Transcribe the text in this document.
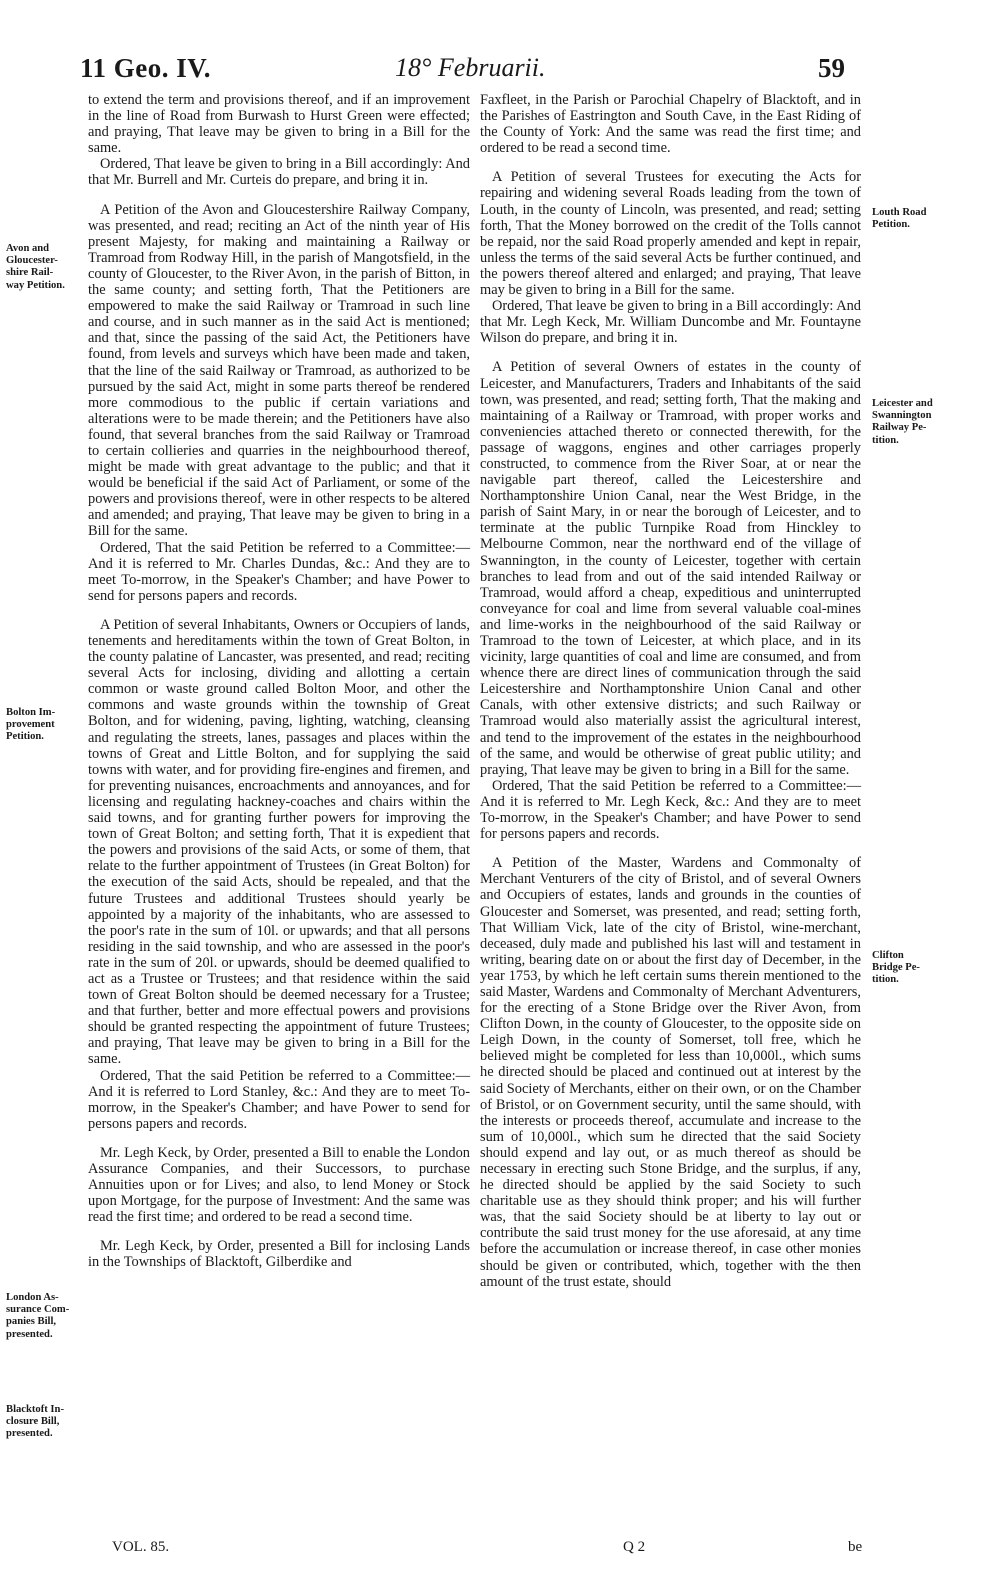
11 Geo. IV.	18° Februarii.	59

to extend the term and provisions thereof, and if an improvement in the line of Road from Burwash to Hurst Green were effected; and praying, That leave may be given to bring in a Bill for the same.

Ordered, That leave be given to bring in a Bill accordingly: And that Mr. Burrell and Mr. Curteis do prepare, and bring it in.

A Petition of the Avon and Gloucestershire Railway Company, was presented, and read; reciting an Act of the ninth year of His present Majesty, for making and maintaining a Railway or Tramroad from Rodway Hill, in the parish of Mangotsfield, in the county of Gloucester, to the River Avon, in the parish of Bitton, in the same county; and setting forth, That the Petitioners are empowered to make the said Railway or Tramroad in such line and course, and in such manner as in the said Act is mentioned; and that, since the passing of the said Act, the Petitioners have found, from levels and surveys which have been made and taken, that the line of the said Railway or Tramroad, as authorized to be pursued by the said Act, might in some parts thereof be rendered more commodious to the public if certain variations and alterations were to be made therein; and the Petitioners have also found, that several branches from the said Railway or Tramroad to certain collieries and quarries in the neighbourhood thereof, might be made with great advantage to the public; and that it would be beneficial if the said Act of Parliament, or some of the powers and provisions thereof, were in other respects to be altered and amended; and praying, That leave may be given to bring in a Bill for the same.

Ordered, That the said Petition be referred to a Committee:—And it is referred to Mr. Charles Dundas, &c.: And they are to meet To-morrow, in the Speaker's Chamber; and have Power to send for persons papers and records.

A Petition of several Inhabitants, Owners or Occupiers of lands, tenements and hereditaments within the town of Great Bolton, in the county palatine of Lancaster, was presented, and read; reciting several Acts for inclosing, dividing and allotting a certain common or waste ground called Bolton Moor, and other the commons and waste grounds within the township of Great Bolton, and for widening, paving, lighting, watching, cleansing and regulating the streets, lanes, passages and places within the towns of Great and Little Bolton, and for supplying the said towns with water, and for providing fire-engines and firemen, and for preventing nuisances, encroachments and annoyances, and for licensing and regulating hackney-coaches and chairs within the said towns, and for granting further powers for improving the town of Great Bolton; and setting forth, That it is expedient that the powers and provisions of the said Acts, or some of them, that relate to the further appointment of Trustees (in Great Bolton) for the execution of the said Acts, should be repealed, and that the future Trustees and additional Trustees should yearly be appointed by a majority of the inhabitants, who are assessed to the poor's rate in the sum of 10l. or upwards; and that all persons residing in the said township, and who are assessed in the poor's rate in the sum of 20l. or upwards, should be deemed qualified to act as a Trustee or Trustees; and that residence within the said town of Great Bolton should be deemed necessary for a Trustee; and that further, better and more effectual powers and provisions should be granted respecting the appointment of future Trustees; and praying, That leave may be given to bring in a Bill for the same.

Ordered, That the said Petition be referred to a Committee:—And it is referred to Lord Stanley, &c.: And they are to meet To-morrow, in the Speaker's Chamber; and have Power to send for persons papers and records.

Mr. Legh Keck, by Order, presented a Bill to enable the London Assurance Companies, and their Successors, to purchase Annuities upon or for Lives; and also, to lend Money or Stock upon Mortgage, for the purpose of Investment: And the same was read the first time; and ordered to be read a second time.

Mr. Legh Keck, by Order, presented a Bill for inclosing Lands in the Townships of Blacktoft, Gilberdike and

Faxfleet, in the Parish or Parochial Chapelry of Blacktoft, and in the Parishes of Eastrington and South Cave, in the East Riding of the County of York: And the same was read the first time; and ordered to be read a second time.

A Petition of several Trustees for executing the Acts for repairing and widening several Roads leading from the town of Louth, in the county of Lincoln, was presented, and read; setting forth, That the Money borrowed on the credit of the Tolls cannot be repaid, nor the said Road properly amended and kept in repair, unless the terms of the said several Acts be further continued, and the powers thereof altered and enlarged; and praying, That leave may be given to bring in a Bill for the same.

Ordered, That leave be given to bring in a Bill accordingly: And that Mr. Legh Keck, Mr. William Duncombe and Mr. Fountayne Wilson do prepare, and bring it in.

A Petition of several Owners of estates in the county of Leicester, and Manufacturers, Traders and Inhabitants of the said town, was presented, and read; setting forth, That the making and maintaining of a Railway or Tramroad, with proper works and conveniencies attached thereto or connected therewith, for the passage of waggons, engines and other carriages properly constructed, to commence from the River Soar, at or near the navigable part thereof, called the Leicestershire and Northamptonshire Union Canal, near the West Bridge, in the parish of Saint Mary, in or near the borough of Leicester, and to terminate at the public Turnpike Road from Hinckley to Melbourne Common, near the northward end of the village of Swannington, in the county of Leicester, together with certain branches to lead from and out of the said intended Railway or Tramroad, would afford a cheap, expeditious and uninterrupted conveyance for coal and lime from several valuable coal-mines and lime-works in the neighbourhood of the said Railway or Tramroad to the town of Leicester, at which place, and in its vicinity, large quantities of coal and lime are consumed, and from whence there are direct lines of communication through the said Leicestershire and Northamptonshire Union Canal and other Canals, with other extensive districts; and such Railway or Tramroad would also materially assist the agricultural interest, and tend to the improvement of the estates in the neighbourhood of the same, and would be otherwise of great public utility; and praying, That leave may be given to bring in a Bill for the same.

Ordered, That the said Petition be referred to a Committee:—And it is referred to Mr. Legh Keck, &c.: And they are to meet To-morrow, in the Speaker's Chamber; and have Power to send for persons papers and records.

A Petition of the Master, Wardens and Commonalty of Merchant Venturers of the city of Bristol, and of several Owners and Occupiers of estates, lands and grounds in the counties of Gloucester and Somerset, was presented, and read; setting forth, That William Vick, late of the city of Bristol, wine-merchant, deceased, duly made and published his last will and testament in writing, bearing date on or about the first day of December, in the year 1753, by which he left certain sums therein mentioned to the said Master, Wardens and Commonalty of Merchant Adventurers, for the erecting of a Stone Bridge over the River Avon, from Clifton Down, in the county of Gloucester, to the opposite side on Leigh Down, in the county of Somerset, toll free, which he believed might be completed for less than 10,000l., which sums he directed should be placed and continued out at interest by the said Society of Merchants, either on their own, or on the Chamber of Bristol, or on Government security, until the same should, with the interests or proceeds thereof, accumulate and increase to the sum of 10,000l., which sum he directed that the said Society should expend and lay out, or as much thereof as should be necessary in erecting such Stone Bridge, and the surplus, if any, he directed should be applied by the said Society to such charitable use as they should think proper; and his will further was, that the said Society should be at liberty to lay out or contribute the said trust money for the use aforesaid, at any time before the accumulation or increase thereof, in case other monies should be given or contributed, which, together with the then amount of the trust estate, should

Avon and
Gloucester-
shire Rail-
way Petition.
Bolton Im-
provement
Petition.
London As-
surance Com-
panies Bill,
presented.
Blacktoft In-
closure Bill,
presented.
Louth Road
Petition.
Leicester and
Swannington
Railway Pe-
tition.
Clifton
Bridge Pe-
tition.
VOL. 85.	Q 2	be
